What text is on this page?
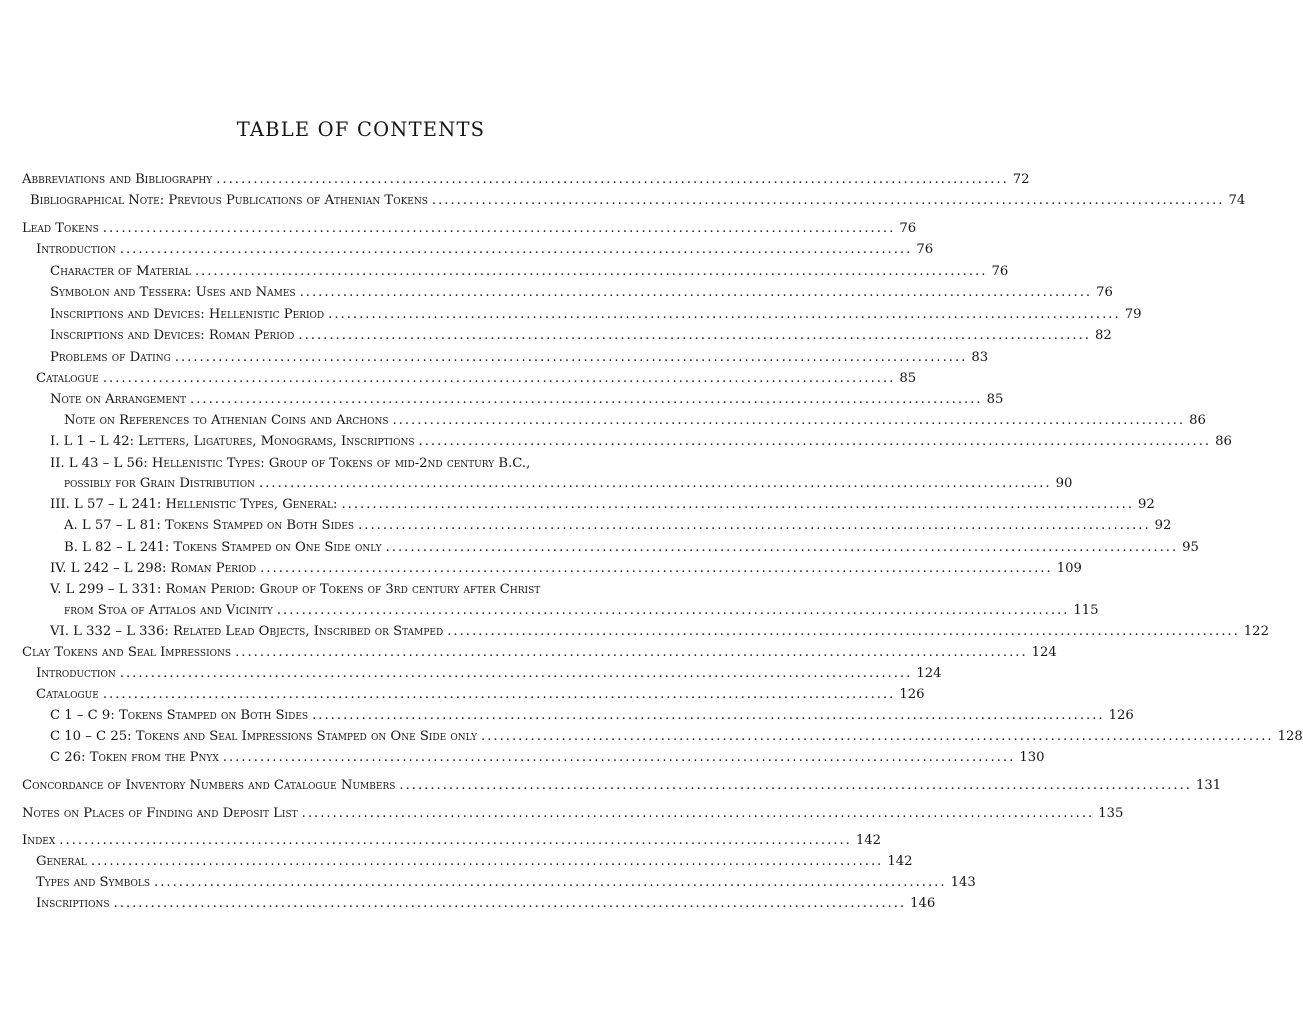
TABLE OF CONTENTS
Abbreviations and Bibliography ................................................................................................................................ 72
Bibliographical Note: Previous Publications of Athenian Tokens ................................................................................................................................ 74
Lead Tokens ................................................................................................................................ 76
Introduction ................................................................................................................................ 76
Character of Material ................................................................................................................................ 76
Symbolon and Tessera: Uses and Names ................................................................................................................................ 76
Inscriptions and Devices: Hellenistic Period ................................................................................................................................ 79
Inscriptions and Devices: Roman Period ................................................................................................................................ 82
Problems of Dating ................................................................................................................................ 83
Catalogue ................................................................................................................................ 85
Note on Arrangement ................................................................................................................................ 85
Note on References to Athenian Coins and Archons ................................................................................................................................ 86
I. L 1 – L 42: Letters, Ligatures, Monograms, Inscriptions ................................................................................................................................ 86
II. L 43 – L 56: Hellenistic Types: Group of Tokens of mid-2nd century B.C.,
possibly for Grain Distribution ................................................................................................................................ 90
III. L 57 – L 241: Hellenistic Types, General: ................................................................................................................................ 92
A. L 57 – L 81: Tokens Stamped on Both Sides ................................................................................................................................ 92
B. L 82 – L 241: Tokens Stamped on One Side only ................................................................................................................................ 95
IV. L 242 – L 298: Roman Period ................................................................................................................................ 109
V. L 299 – L 331: Roman Period: Group of Tokens of 3rd century after Christ
from Stoa of Attalos and Vicinity ................................................................................................................................ 115
VI. L 332 – L 336: Related Lead Objects, Inscribed or Stamped ................................................................................................................................ 122
Clay Tokens and Seal Impressions ................................................................................................................................ 124
Introduction ................................................................................................................................ 124
Catalogue ................................................................................................................................ 126
C 1 – C 9: Tokens Stamped on Both Sides ................................................................................................................................ 126
C 10 – C 25: Tokens and Seal Impressions Stamped on One Side only ................................................................................................................................ 128
C 26: Token from the Pnyx ................................................................................................................................ 130
Concordance of Inventory Numbers and Catalogue Numbers ................................................................................................................................ 131
Notes on Places of Finding and Deposit List ................................................................................................................................ 135
Index ................................................................................................................................ 142
General ................................................................................................................................ 142
Types and Symbols ................................................................................................................................ 143
Inscriptions ................................................................................................................................ 146
